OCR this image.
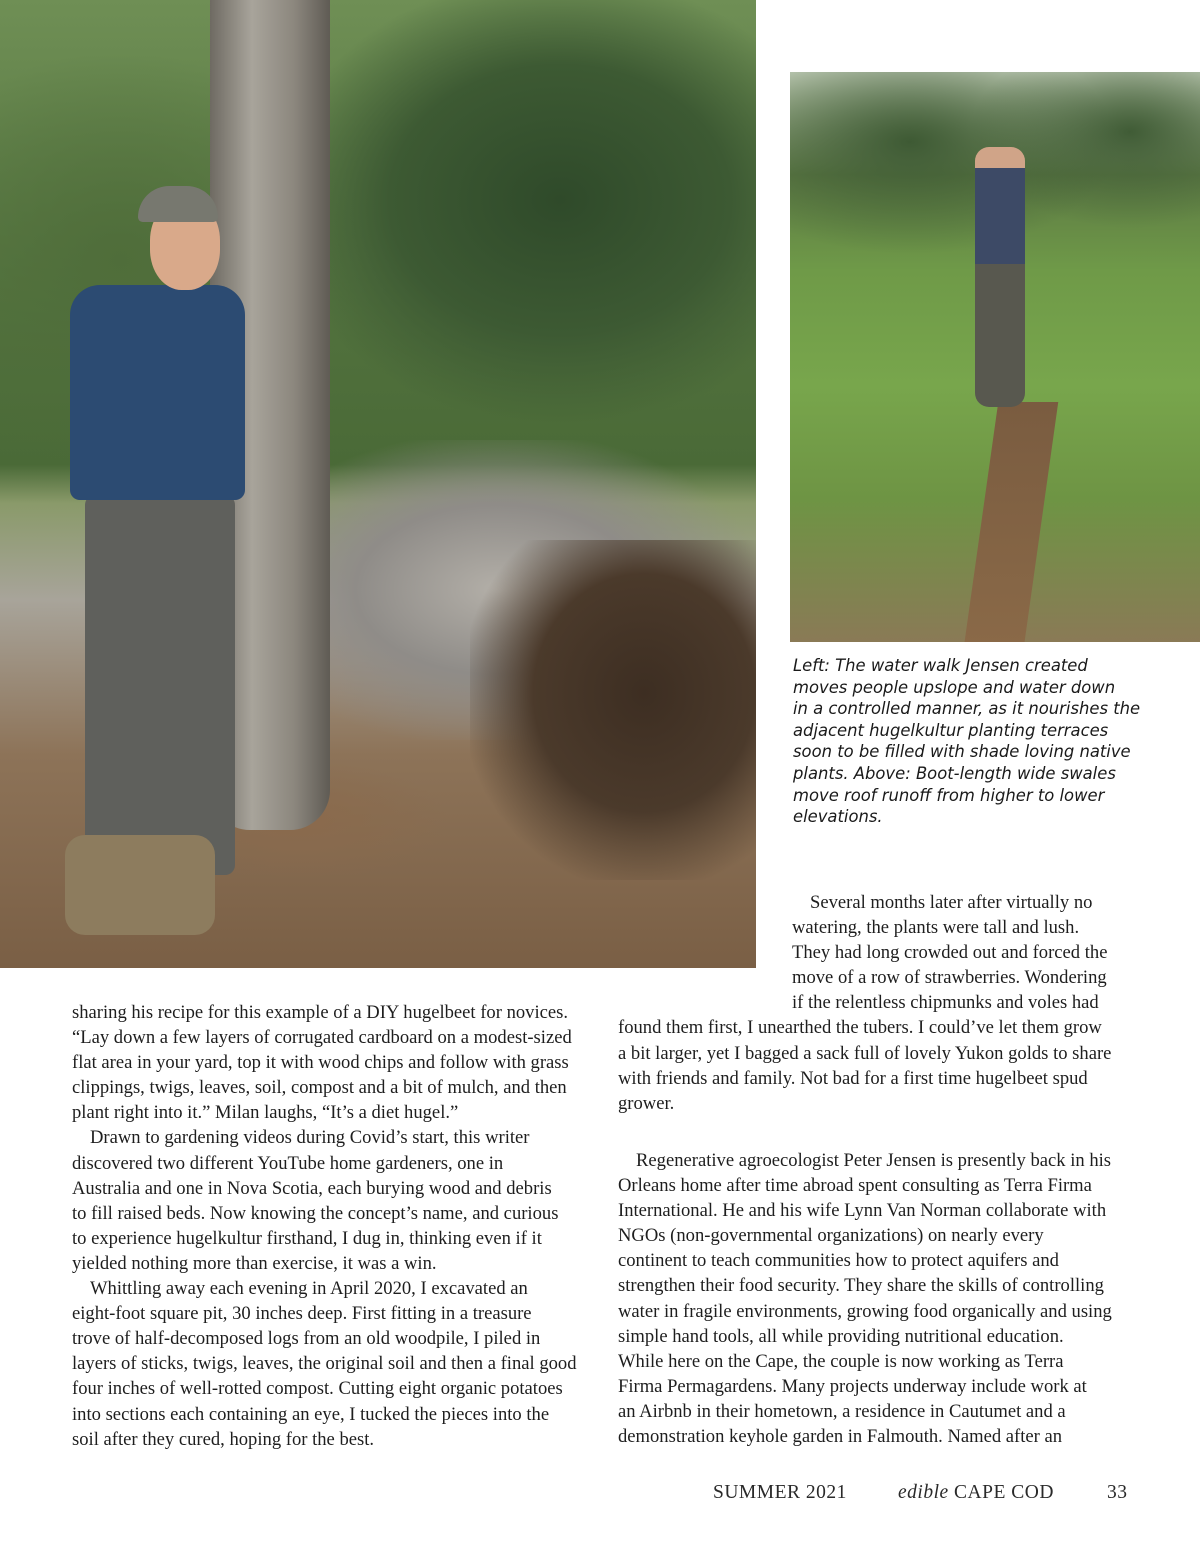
Left: The water walk Jensen created
moves people upslope and water down
in a controlled manner, as it nourishes the
adjacent hugelkultur planting terraces
soon to be filled with shade loving native
plants. Above: Boot-length wide swales
move roof runoff from higher to lower
elevations.
Several months later after virtually no
watering, the plants were tall and lush.
They had long crowded out and forced the
move of a row of strawberries. Wondering
if the relentless chipmunks and voles had
found them first, I unearthed the tubers. I could’ve let them grow
a bit larger, yet I bagged a sack full of lovely Yukon golds to share
with friends and family. Not bad for a first time hugelbeet spud
grower.
sharing his recipe for this example of a DIY hugelbeet for novices.
“Lay down a few layers of corrugated cardboard on a modest-sized
flat area in your yard, top it with wood chips and follow with grass
clippings, twigs, leaves, soil, compost and a bit of mulch, and then
plant right into it.” Milan laughs, “It’s a diet hugel.”
Drawn to gardening videos during Covid’s start, this writer
discovered two different YouTube home gardeners, one in
Australia and one in Nova Scotia, each burying wood and debris
to fill raised beds. Now knowing the concept’s name, and curious
to experience hugelkultur firsthand, I dug in, thinking even if it
yielded nothing more than exercise, it was a win.
Whittling away each evening in April 2020, I excavated an
eight-foot square pit, 30 inches deep. First fitting in a treasure
trove of half-decomposed logs from an old woodpile, I piled in
layers of sticks, twigs, leaves, the original soil and then a final good
four inches of well-rotted compost. Cutting eight organic potatoes
into sections each containing an eye, I tucked the pieces into the
soil after they cured, hoping for the best.
Regenerative agroecologist Peter Jensen is presently back in his
Orleans home after time abroad spent consulting as Terra Firma
International. He and his wife Lynn Van Norman collaborate with
NGOs (non-governmental organizations) on nearly every
continent to teach communities how to protect aquifers and
strengthen their food security. They share the skills of controlling
water in fragile environments, growing food organically and using
simple hand tools, all while providing nutritional education.
While here on the Cape, the couple is now working as Terra
Firma Permagardens. Many projects underway include work at
an Airbnb in their hometown, a residence in Cautumet and a
demonstration keyhole garden in Falmouth. Named after an
SUMMER 2021	edible CAPE COD	33
